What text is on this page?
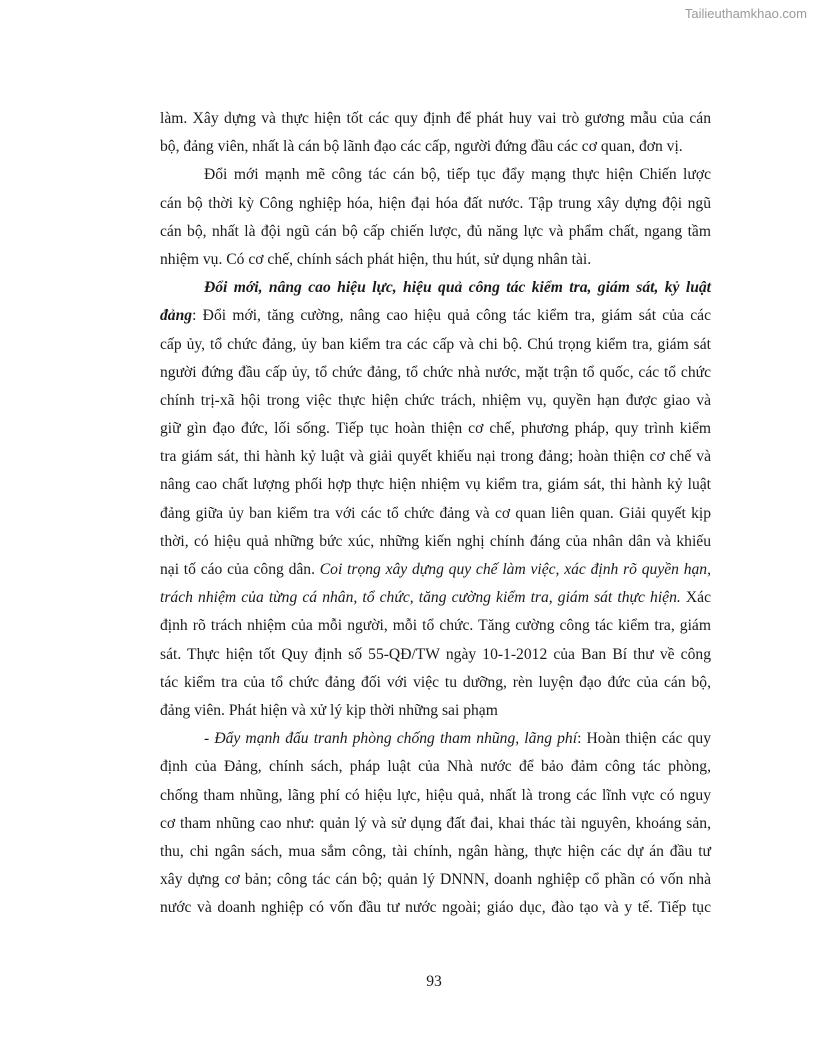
Tailieuthamkhao.com
làm. Xây dựng và thực hiện tốt các quy định để phát huy vai trò gương mẫu của cán
bộ, đảng viên, nhất là cán bộ lãnh đạo các cấp, người đứng đầu các cơ quan, đơn vị.
Đổi mới mạnh mẽ công tác cán bộ, tiếp tục đẩy mạng thực hiện Chiến lược
cán bộ thời kỳ Công nghiệp hóa, hiện đại hóa đất nước. Tập trung xây dựng đội ngũ
cán bộ, nhất là đội ngũ cán bộ cấp chiến lược, đủ năng lực và phẩm chất, ngang tầm
nhiệm vụ. Có cơ chế, chính sách phát hiện, thu hút, sử dụng nhân tài.
Đổi mới, nâng cao hiệu lực, hiệu quả công tác kiểm tra, giám sát, kỷ luật
đảng: Đổi mới, tăng cường, nâng cao hiệu quả công tác kiểm tra, giám sát của các
cấp ủy, tổ chức đảng, ủy ban kiểm tra các cấp và chi bộ. Chú trọng kiểm tra, giám sát
người đứng đầu cấp ủy, tổ chức đảng, tổ chức nhà nước, mặt trận tổ quốc, các tổ chức
chính trị-xã hội trong việc thực hiện chức trách, nhiệm vụ, quyền hạn được giao và
giữ gìn đạo đức, lối sống. Tiếp tục hoàn thiện cơ chế, phương pháp, quy trình kiểm
tra giám sát, thi hành kỷ luật và giải quyết khiếu nại trong đảng; hoàn thiện cơ chế và
nâng cao chất lượng phối hợp thực hiện nhiệm vụ kiểm tra, giám sát, thi hành kỷ luật
đảng giữa ủy ban kiểm tra với các tổ chức đảng và cơ quan liên quan. Giải quyết kịp
thời, có hiệu quả những bức xúc, những kiến nghị chính đáng của nhân dân và khiếu
nại tố cáo của công dân. Coi trọng xây dựng quy chế làm việc, xác định rõ quyền hạn,
trách nhiệm của từng cá nhân, tổ chức, tăng cường kiểm tra, giám sát thực hiện. Xác
định rõ trách nhiệm của mỗi người, mỗi tổ chức. Tăng cường công tác kiểm tra, giám
sát. Thực hiện tốt Quy định số 55-QĐ/TW ngày 10-1-2012 của Ban Bí thư về công
tác kiểm tra của tổ chức đảng đối với việc tu dưỡng, rèn luyện đạo đức của cán bộ,
đảng viên. Phát hiện và xử lý kịp thời những sai phạm
- Đẩy mạnh đấu tranh phòng chống tham nhũng, lãng phí: Hoàn thiện các quy
định của Đảng, chính sách, pháp luật của Nhà nước để bảo đảm công tác phòng,
chống tham nhũng, lãng phí có hiệu lực, hiệu quả, nhất là trong các lĩnh vực có nguy
cơ tham nhũng cao như: quản lý và sử dụng đất đai, khai thác tài nguyên, khoáng sản,
thu, chi ngân sách, mua sắm công, tài chính, ngân hàng, thực hiện các dự án đầu tư
xây dựng cơ bản; công tác cán bộ; quản lý DNNN, doanh nghiệp cổ phần có vốn nhà
nước và doanh nghiệp có vốn đầu tư nước ngoài; giáo dục, đào tạo và y tế. Tiếp tục
93
